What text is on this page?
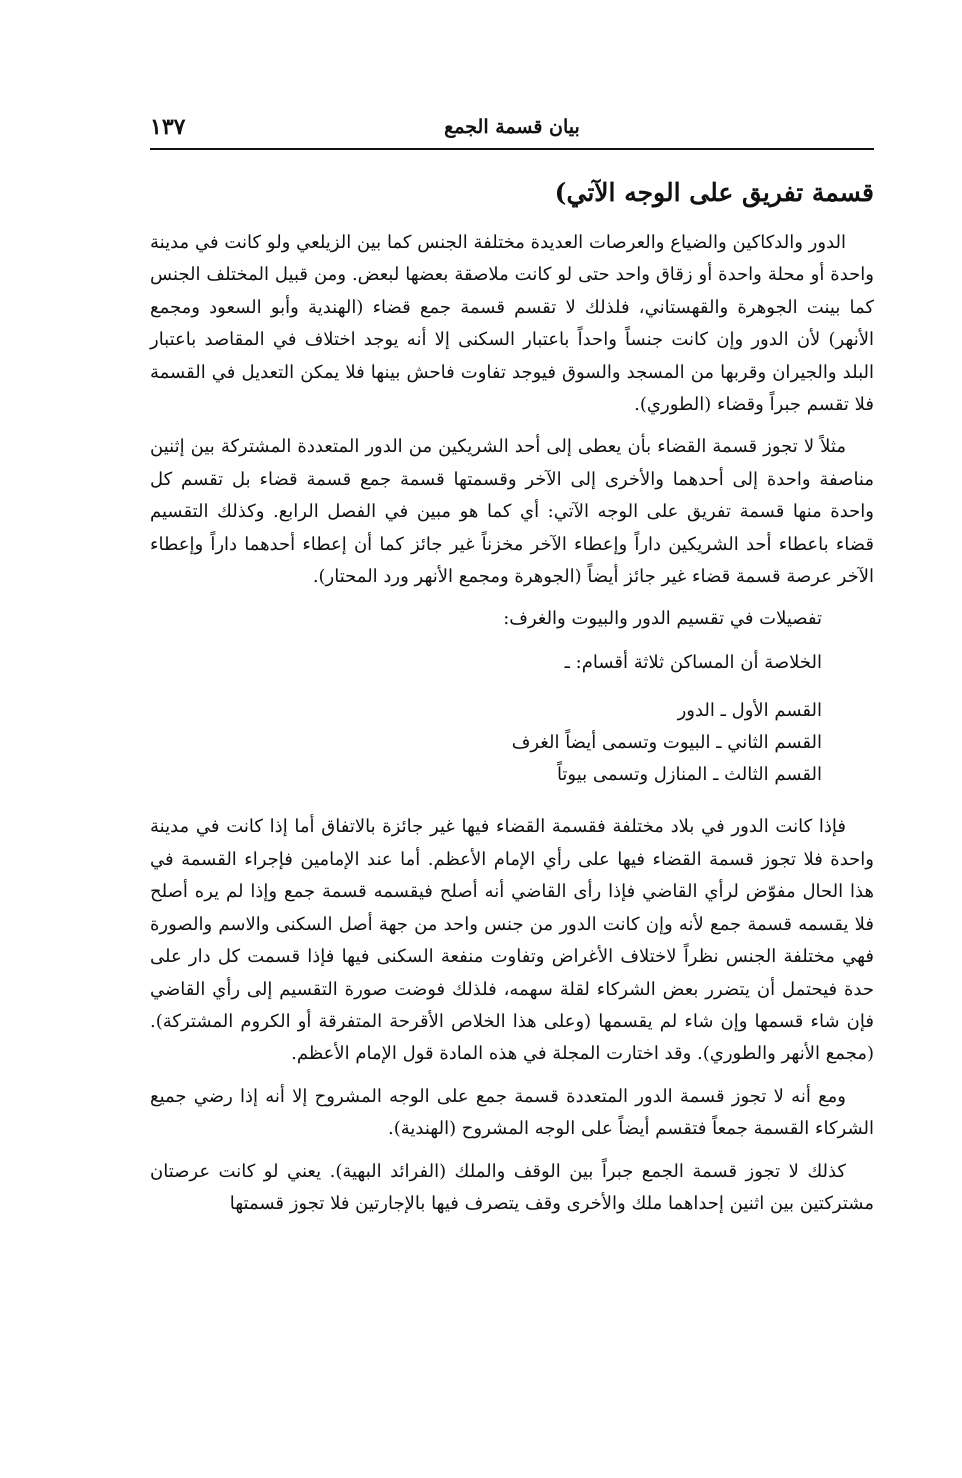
بيان قسمة الجمع
١٣٧
قسمة تفريق على الوجه الآتي)

الدور والدكاكين والضياع والعرصات العديدة مختلفة الجنس كما بين الزيلعي ولو كانت في مدينة واحدة أو محلة واحدة أو زقاق واحد حتى لو كانت ملاصقة بعضها لبعض. ومن قبيل المختلف الجنس كما بينت الجوهرة والقهستاني، فلذلك لا تقسم قسمة جمع قضاء (الهندية وأبو السعود ومجمع الأنهر) لأن الدور وإن كانت جنساً واحداً باعتبار السكنى إلا أنه يوجد اختلاف في المقاصد باعتبار البلد والجيران وقربها من المسجد والسوق فيوجد تفاوت فاحش بينها فلا يمكن التعديل في القسمة فلا تقسم جبراً وقضاء (الطوري).

مثلاً لا تجوز قسمة القضاء بأن يعطى إلى أحد الشريكين من الدور المتعددة المشتركة بين إثنين مناصفة واحدة إلى أحدهما والأخرى إلى الآخر وقسمتها قسمة جمع قسمة قضاء بل تقسم كل واحدة منها قسمة تفريق على الوجه الآتي: أي كما هو مبين في الفصل الرابع. وكذلك التقسيم قضاء باعطاء أحد الشريكين داراً وإعطاء الآخر مخزناً غير جائز كما أن إعطاء أحدهما داراً وإعطاء الآخر عرصة قسمة قضاء غير جائز أيضاً (الجوهرة ومجمع الأنهر ورد المحتار).

تفصيلات في تقسيم الدور والبيوت والغرف:
الخلاصة أن المساكن ثلاثة أقسام: ـ
القسم الأول ـ الدور
القسم الثاني ـ البيوت وتسمى أيضاً الغرف
القسم الثالث ـ المنازل وتسمى بيوتاً

فإذا كانت الدور في بلاد مختلفة فقسمة القضاء فيها غير جائزة بالاتفاق أما إذا كانت في مدينة واحدة فلا تجوز قسمة القضاء فيها على رأي الإمام الأعظم. أما عند الإمامين فإجراء القسمة في هذا الحال مفوّض لرأي القاضي فإذا رأى القاضي أنه أصلح فيقسمه قسمة جمع وإذا لم يره أصلح فلا يقسمه قسمة جمع لأنه وإن كانت الدور من جنس واحد من جهة أصل السكنى والاسم والصورة فهي مختلفة الجنس نظراً لاختلاف الأغراض وتفاوت منفعة السكنى فيها فإذا قسمت كل دار على حدة فيحتمل أن يتضرر بعض الشركاء لقلة سهمه، فلذلك فوضت صورة التقسيم إلى رأي القاضي فإن شاء قسمها وإن شاء لم يقسمها (وعلى هذا الخلاص الأقرحة المتفرقة أو الكروم المشتركة). (مجمع الأنهر والطوري). وقد اختارت المجلة في هذه المادة قول الإمام الأعظم.

ومع أنه لا تجوز قسمة الدور المتعددة قسمة جمع على الوجه المشروح إلا أنه إذا رضي جميع الشركاء القسمة جمعاً فتقسم أيضاً على الوجه المشروح (الهندية).

كذلك لا تجوز قسمة الجمع جبراً بين الوقف والملك (الفرائد البهية). يعني لو كانت عرصتان مشتركتين بين اثنين إحداهما ملك والأخرى وقف يتصرف فيها بالإجارتين فلا تجوز قسمتها
